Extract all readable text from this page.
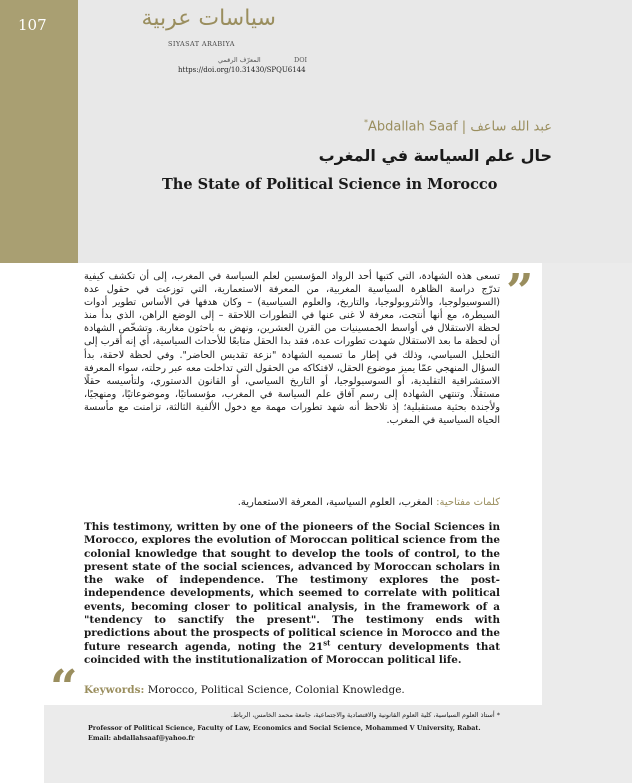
107	سياسات عربية
SIYASAT ARABIYA
المعرّف الرقمي	DOI
https://doi.org/10.31430/SPQU6144
عبد الله ساعف | Abdallah Saaf*
حال علم السياسة في المغرب
The State of Political Science in Morocco
”

تسعى هذه الشهادة، التي كتبها أحد الرواد المؤسسين لعلم السياسة في المغرب، إلى أن تكشف كيفية تدرّج دراسة الظاهرة السياسية المغربية، من المعرفة الاستعمارية، التي توزعت في حقول عدة (السوسيولوجيا، والأنثروبولوجيا، والتاريخ، والعلوم السياسية) – وكان هدفها في الأساس تطوير أدوات السيطرة، مع أنها أنتجت، معرفة لا غنى عنها في التطورات اللاحقة – إلى الوضع الراهن، الذي بدأ منذ لحظة الاستقلال في أواسط الخمسينيات من القرن العشرين، ونهض به باحثون مغاربة. وتشخّص الشهادة أن لحظة ما بعد الاستقلال شهدت تطورات عدة، فقد بدا الحقل متابعًا للأحداث السياسية، أي إنه أقرب إلى التحليل السياسي، وذلك في إطار ما تسميه الشهادة "نزعة تقديس الحاضر". وفي لحظة لاحقة، بدأ السؤال المنهجي عمّا يميز موضوع الحقل، لافتكاكه من الحقول التي تداخلت معه عبر رحلته، سواء المعرفة الاستشراقية التقليدية، أو السوسيولوجيا، أو التاريخ السياسي، أو القانون الدستوري، ولتأسيسه حقلًا مستقلًا. وتنتهي الشهادة إلى رسم آفاق علم السياسة في المغرب، مؤسساتيًا، وموضوعاتيًا، ومنهجيًا، ولأجندة بحثية مستقبلية؛ إذ تلاحظ أنه شهد تطورات مهمة مع دخول الألفية الثالثة، تزامنت مع مأسسة الحياة السياسية في المغرب.

كلمات مفتاحية: المغرب، العلوم السياسية، المعرفة الاستعمارية.

This testimony, written by one of the pioneers of the Social Sciences in Morocco, explores the evolution of Moroccan political science from the colonial knowledge that sought to develop the tools of control, to the present state of the social sciences, advanced by Moroccan scholars in the wake of independence. The testimony explores the post-independence developments, which seemed to correlate with political events, becoming closer to political analysis, in the framework of a "tendency to sanctify the present". The testimony ends with predictions about the prospects of political science in Morocco and the future research agenda, noting the 21st century developments that coincided with the institutionalization of Moroccan political life.

“ Keywords: Morocco, Political Science, Colonial Knowledge.
* أستاذ العلوم السياسية، كلية العلوم القانونية والاقتصادية والاجتماعية، جامعة محمد الخامس، الرباط.
Professor of Political Science, Faculty of Law, Economics and Social Science, Mohammed V University, Rabat.
Email: abdallahsaaf@yahoo.fr
